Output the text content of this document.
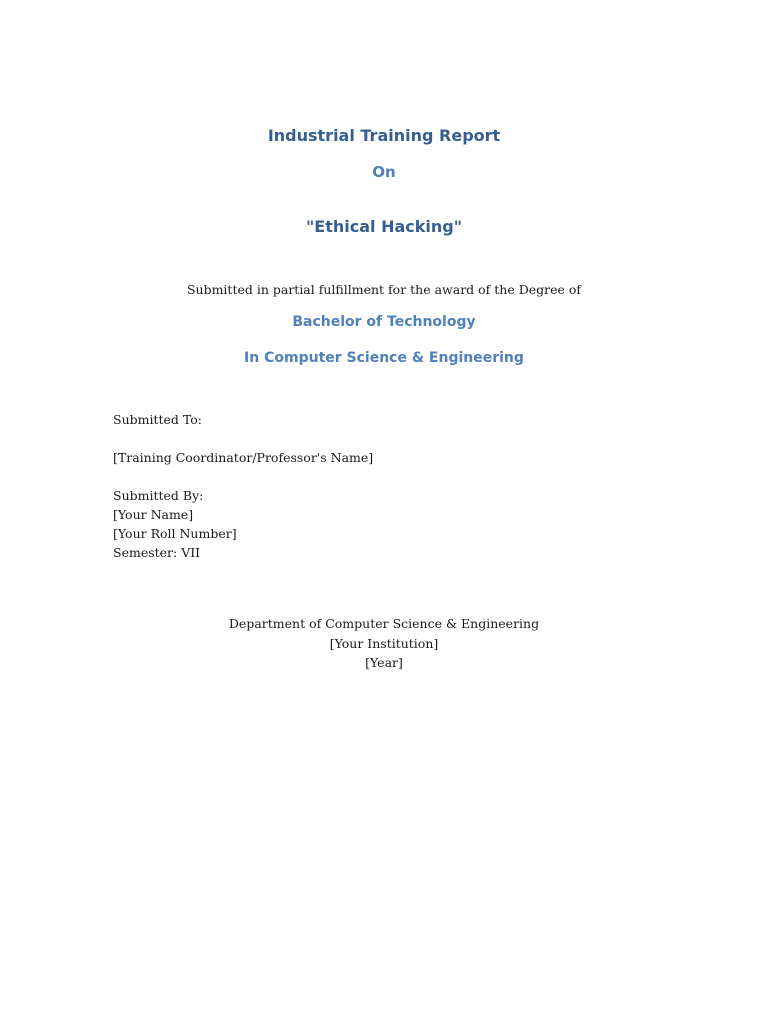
Industrial Training Report
On
"Ethical Hacking"

Submitted in partial fulfillment for the award of the Degree of

Bachelor of Technology
In Computer Science & Engineering

Submitted To:

[Training Coordinator/Professor's Name]

Submitted By:
[Your Name]
[Your Roll Number]
Semester: VII
Department of Computer Science & Engineering
[Your Institution]
[Year]
